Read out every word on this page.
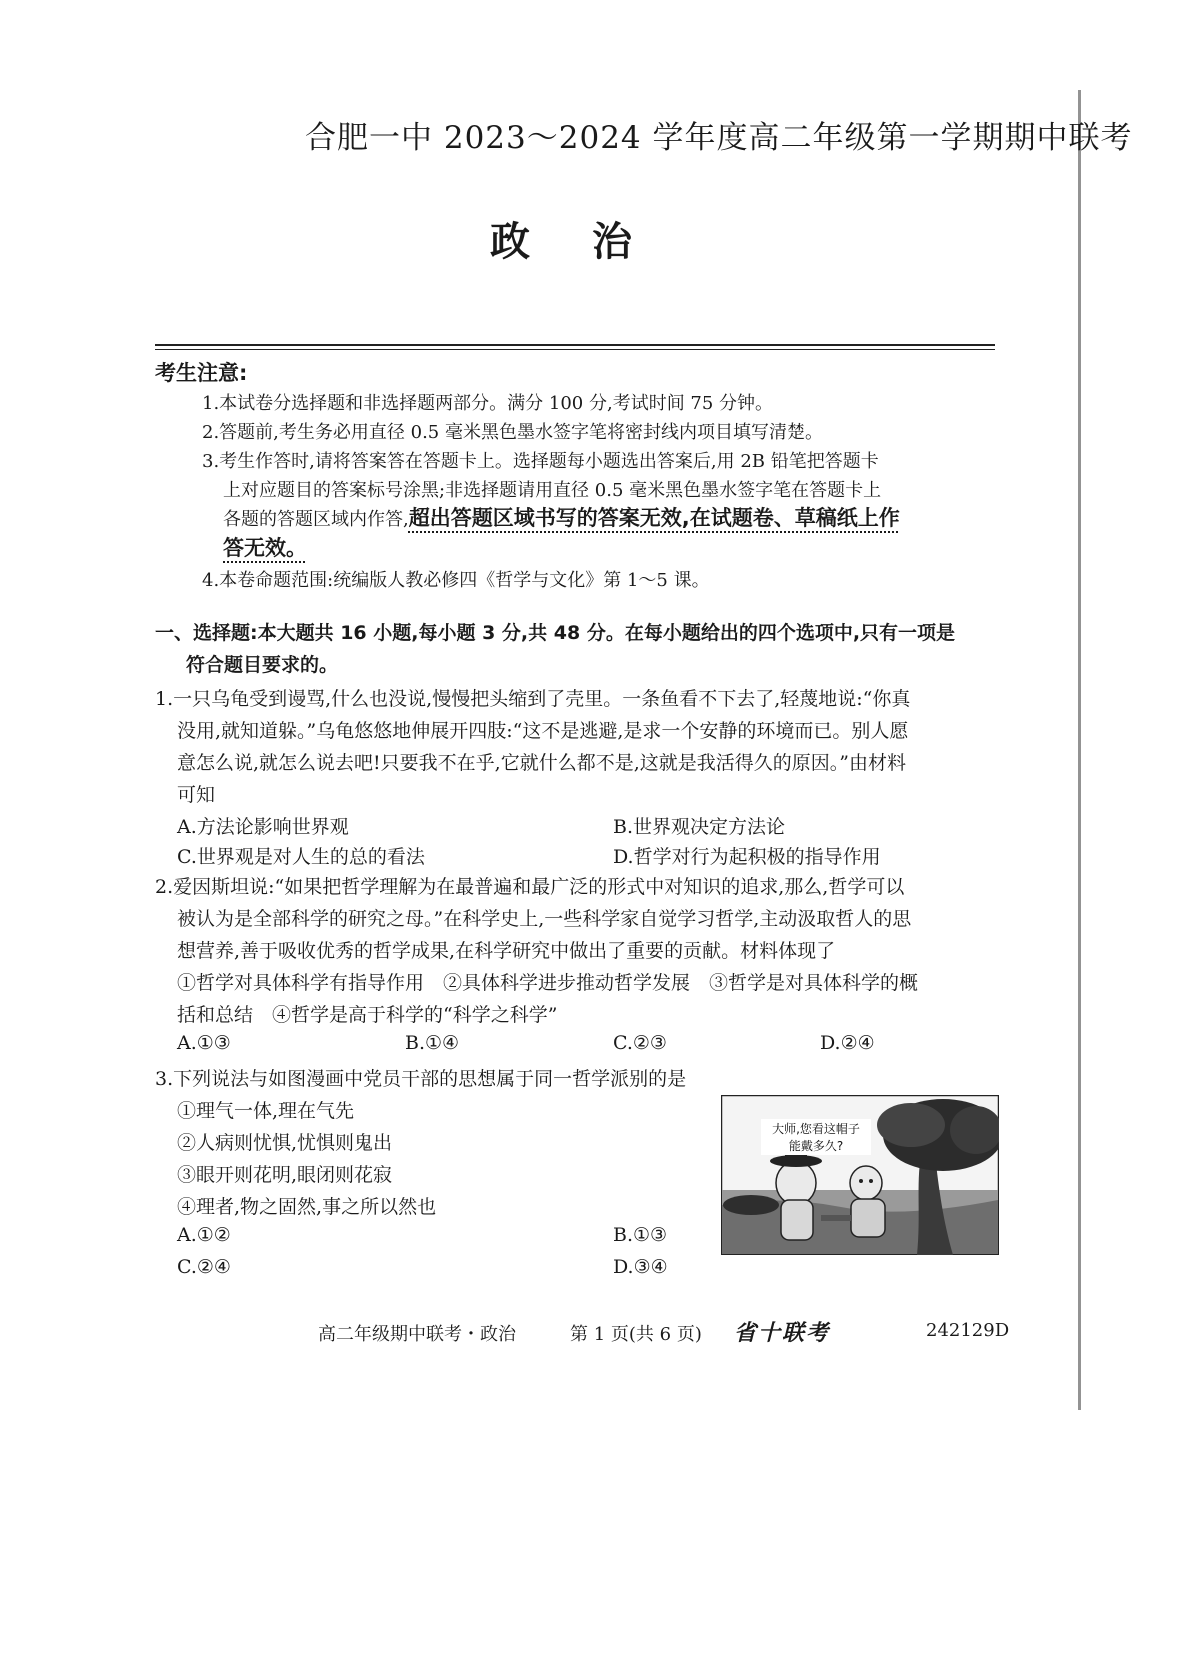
合肥一中 2023～2024 学年度高二年级第一学期期中联考
政治
考生注意:
1.本试卷分选择题和非选择题两部分。满分 100 分,考试时间 75 分钟。
2.答题前,考生务必用直径 0.5 毫米黑色墨水签字笔将密封线内项目填写清楚。
3.考生作答时,请将答案答在答题卡上。选择题每小题选出答案后,用 2B 铅笔把答题卡
上对应题目的答案标号涂黑;非选择题请用直径 0.5 毫米黑色墨水签字笔在答题卡上
各题的答题区域内作答,超出答题区域书写的答案无效,在试题卷、草稿纸上作
答无效。
4.本卷命题范围:统编版人教必修四《哲学与文化》第 1～5 课。
一、选择题:本大题共 16 小题,每小题 3 分,共 48 分。在每小题给出的四个选项中,只有一项是
符合题目要求的。
1.一只乌龟受到谩骂,什么也没说,慢慢把头缩到了壳里。一条鱼看不下去了,轻蔑地说:“你真
没用,就知道躲。”乌龟悠悠地伸展开四肢:“这不是逃避,是求一个安静的环境而已。别人愿
意怎么说,就怎么说去吧!只要我不在乎,它就什么都不是,这就是我活得久的原因。”由材料
可知
A.方法论影响世界观	B.世界观决定方法论
C.世界观是对人生的总的看法	D.哲学对行为起积极的指导作用
2.爱因斯坦说:“如果把哲学理解为在最普遍和最广泛的形式中对知识的追求,那么,哲学可以
被认为是全部科学的研究之母。”在科学史上,一些科学家自觉学习哲学,主动汲取哲人的思
想营养,善于吸收优秀的哲学成果,在科学研究中做出了重要的贡献。材料体现了
①哲学对具体科学有指导作用　②具体科学进步推动哲学发展　③哲学是对具体科学的概
括和总结　④哲学是高于科学的“科学之科学”
A.①③	B.①④	C.②③	D.②④
3.下列说法与如图漫画中党员干部的思想属于同一哲学派别的是
①理气一体,理在气先
②人病则忧惧,忧惧则鬼出
③眼开则花明,眼闭则花寂
④理者,物之固然,事之所以然也
A.①②	B.①③
C.②④	D.③④
大师,您看这帽子
能戴多久?
高二年级期中联考・政治	第 1 页(共 6 页) 省十联考	242129D
